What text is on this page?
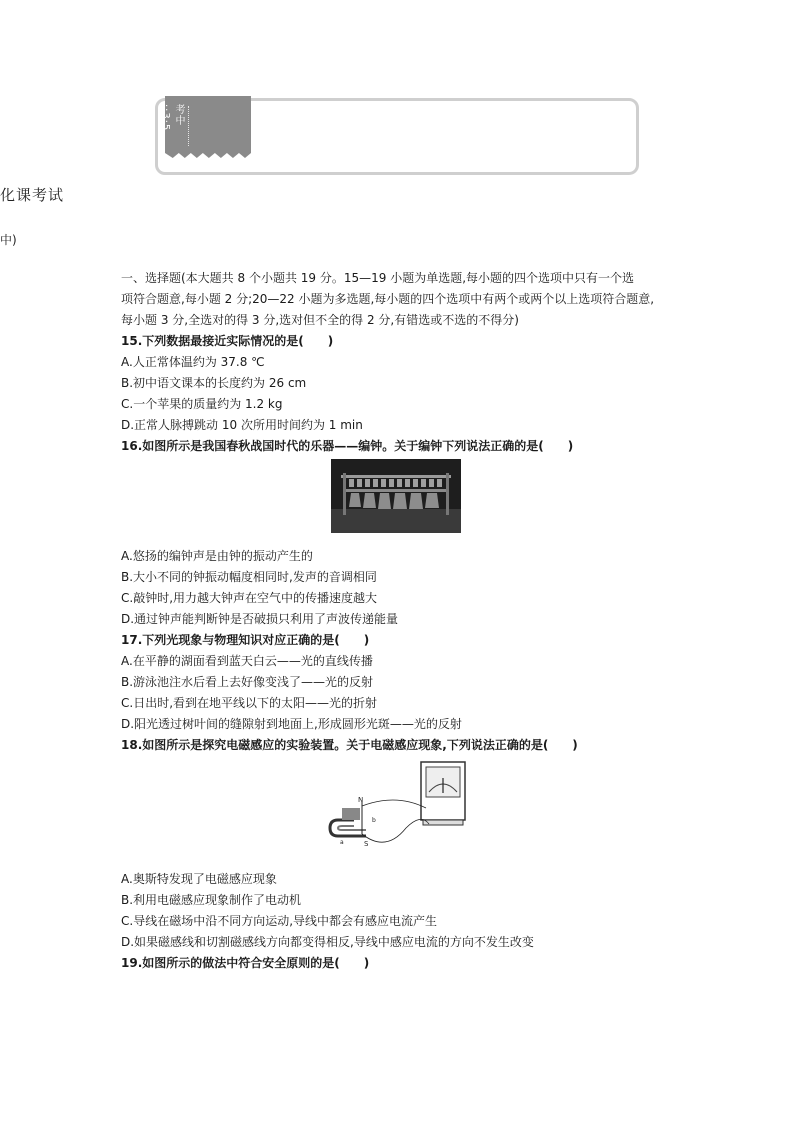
考中··3·5
化课考试
中)
一、选择题(本大题共 8 个小题共 19 分。15—19 小题为单选题,每小题的四个选项中只有一个选
项符合题意,每小题 2 分;20—22 小题为多选题,每小题的四个选项中有两个或两个以上选项符合题意,
每小题 3 分,全选对的得 3 分,选对但不全的得 2 分,有错选或不选的不得分)
15.下列数据最接近实际情况的是(　　)
A.人正常体温约为 37.8 ℃
B.初中语文课本的长度约为 26 cm
C.一个苹果的质量约为 1.2 kg
D.正常人脉搏跳动 10 次所用时间约为 1 min
16.如图所示是我国春秋战国时代的乐器——编钟。关于编钟下列说法正确的是(　　)
A.悠扬的编钟声是由钟的振动产生的
B.大小不同的钟振动幅度相同时,发声的音调相同
C.敲钟时,用力越大钟声在空气中的传播速度越大
D.通过钟声能判断钟是否破损只利用了声波传递能量
17.下列光现象与物理知识对应正确的是(　　)
A.在平静的湖面看到蓝天白云——光的直线传播
B.游泳池注水后看上去好像变浅了——光的反射
C.日出时,看到在地平线以下的太阳——光的折射
D.阳光透过树叶间的缝隙射到地面上,形成圆形光斑——光的反射
18.如图所示是探究电磁感应的实验装置。关于电磁感应现象,下列说法正确的是(　　)
N
S
a
b
A.奥斯特发现了电磁感应现象
B.利用电磁感应现象制作了电动机
C.导线在磁场中沿不同方向运动,导线中都会有感应电流产生
D.如果磁感线和切割磁感线方向都变得相反,导线中感应电流的方向不发生改变
19.如图所示的做法中符合安全原则的是(　　)
